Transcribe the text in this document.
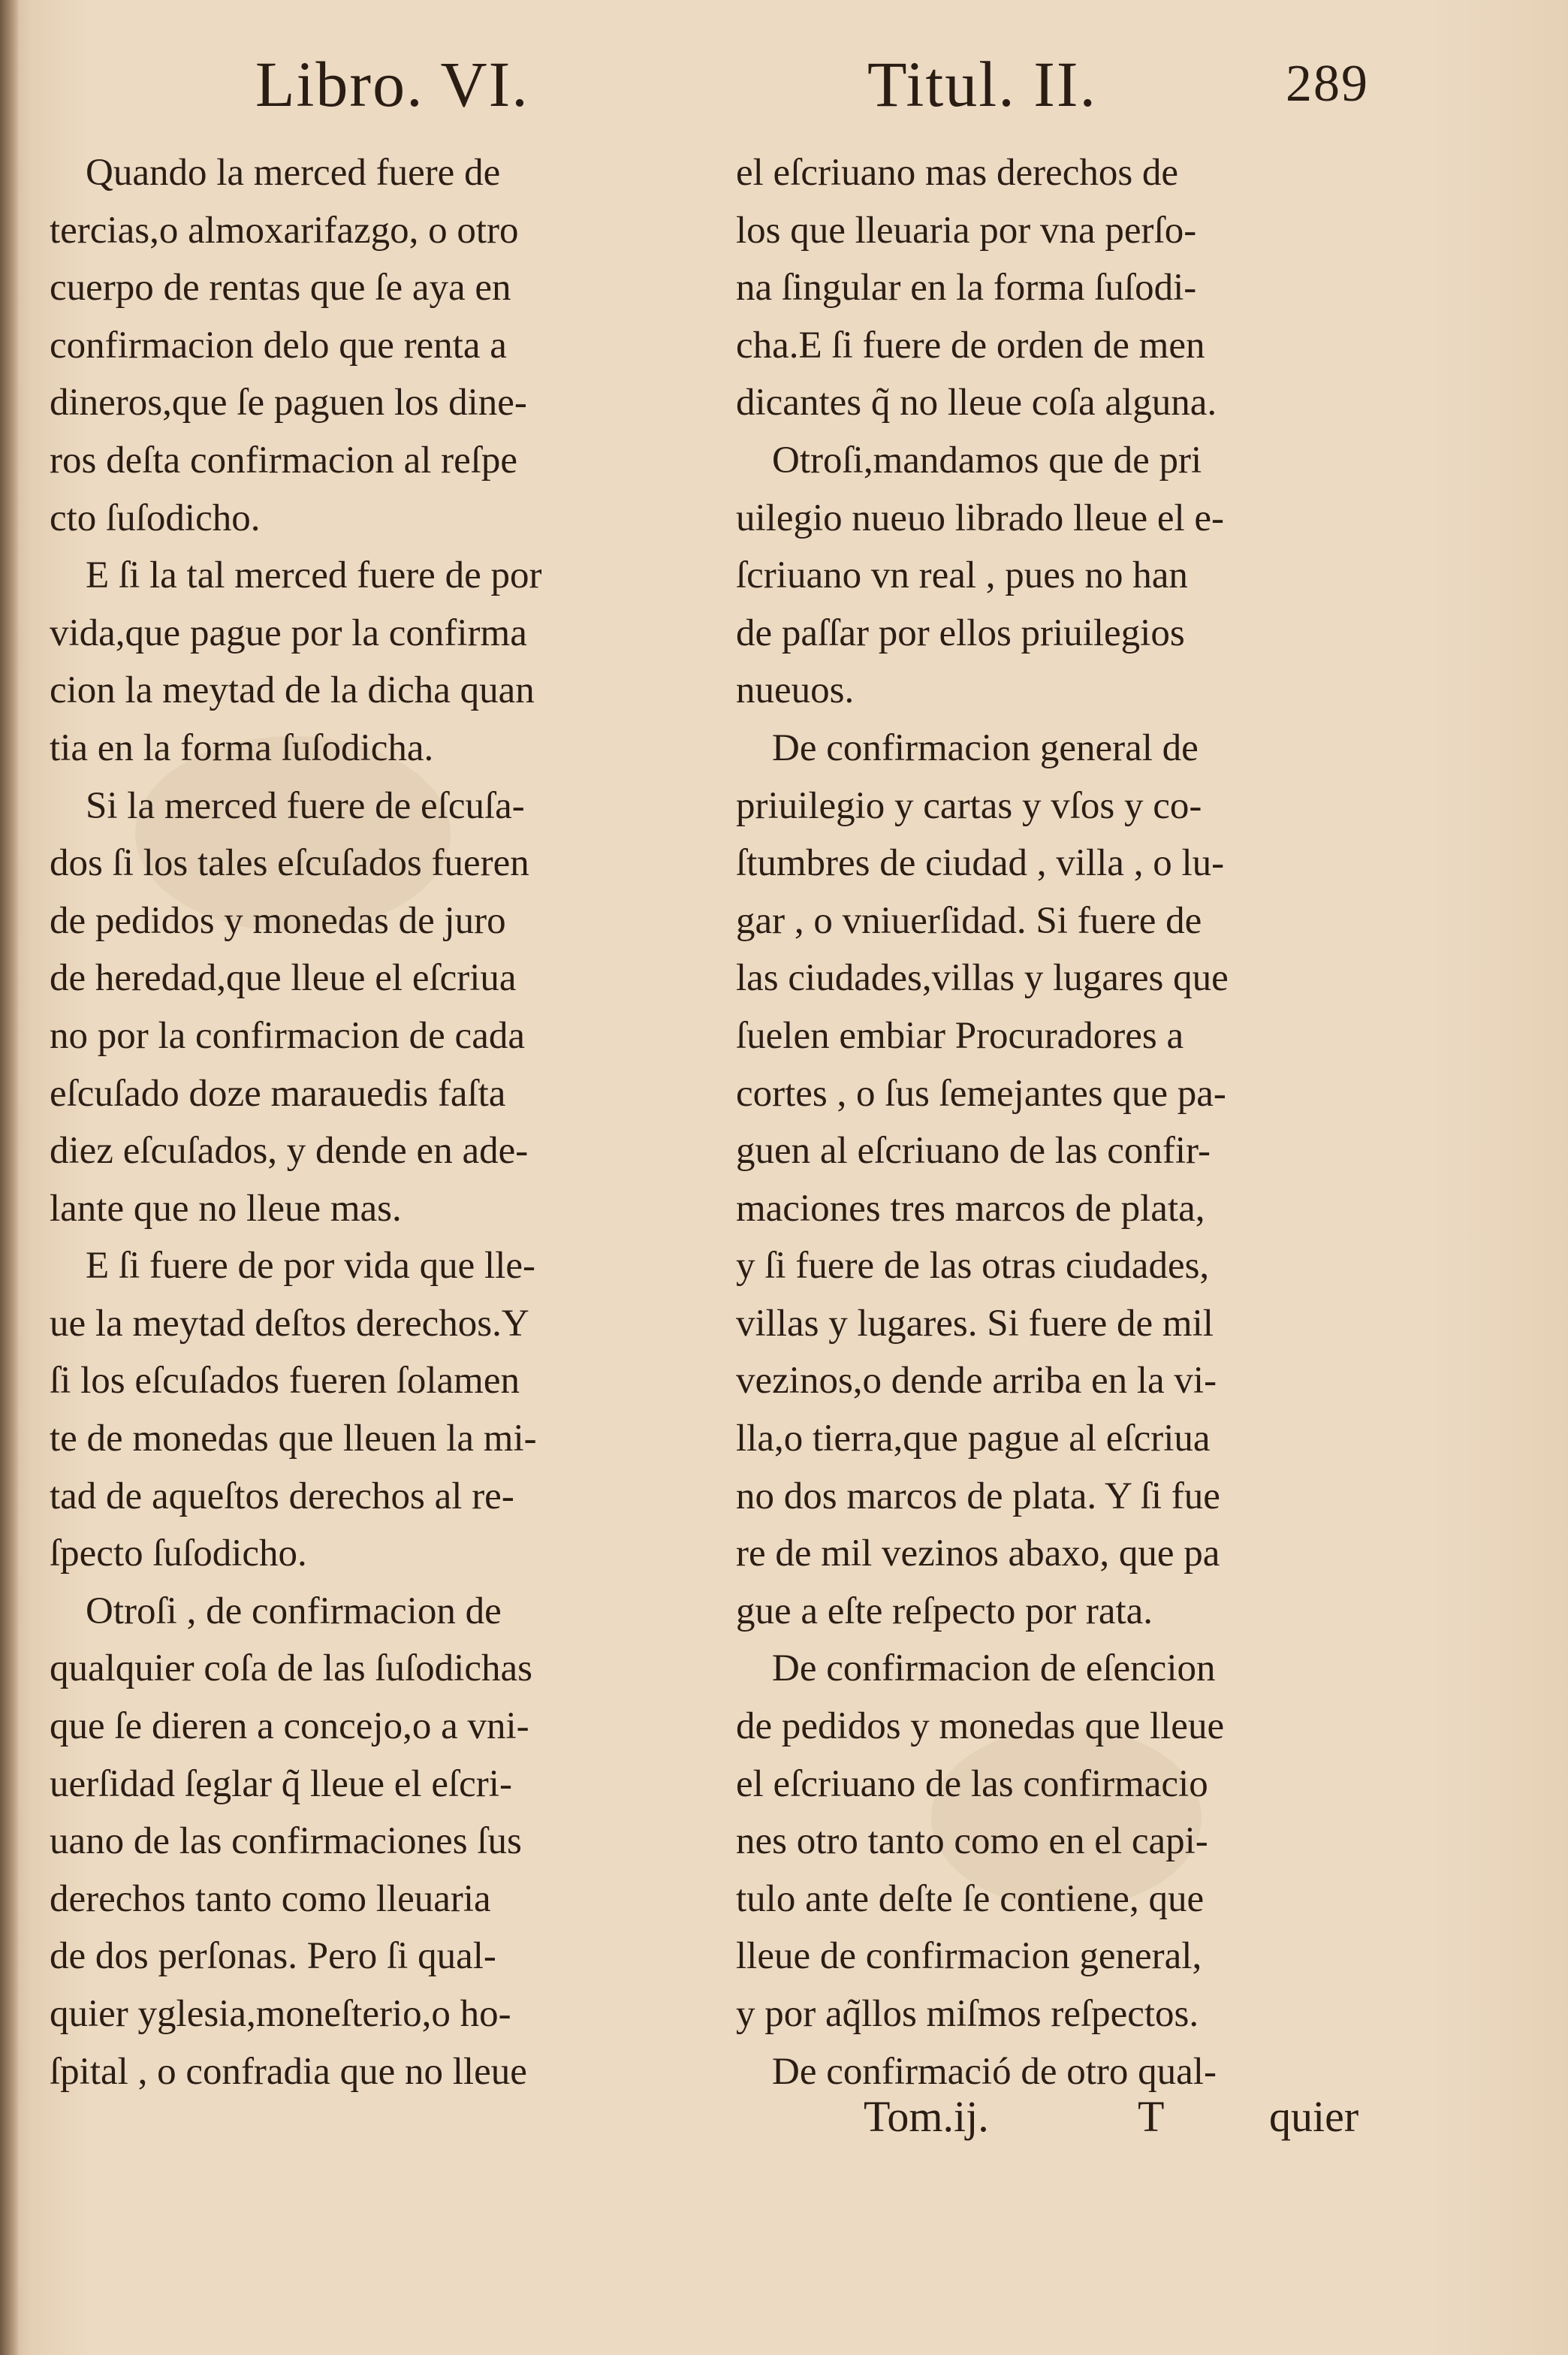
Libro. VI.	Titul. II.	289
Quando la merced fuere de
tercias,o almoxarifazgo, o otro
cuerpo de rentas que ſe aya en
confirmacion delo que renta a
dineros,que ſe paguen los dine-
ros deſta confirmacion al reſpe
cto ſuſodicho.
E ſi la tal merced fuere de por
vida,que pague por la confirma
cion la meytad de la dicha quan
tia en la forma ſuſodicha.
Si la merced fuere de eſcuſa-
dos ſi los tales eſcuſados fueren
de pedidos y monedas de juro
de heredad,que lleue el eſcriua
no por la confirmacion de cada
eſcuſado doze marauedis faſta
diez eſcuſados, y dende en ade-
lante que no lleue mas.
E ſi fuere de por vida que lle-
ue la meytad deſtos derechos.Y
ſi los eſcuſados fueren ſolamen
te de monedas que lleuen la mi-
tad de aqueſtos derechos al re-
ſpecto ſuſodicho.
Otroſi , de confirmacion de
qualquier coſa de las ſuſodichas
que ſe dieren a concejo,o a vni-
uerſidad ſeglar q̃ lleue el eſcri-
uano de las confirmaciones ſus
derechos tanto como lleuaria
de dos perſonas. Pero ſi qual-
quier yglesia,moneſterio,o ho-
ſpital , o confradia que no lleue
el eſcriuano mas derechos de
los que lleuaria por vna perſo-
na ſingular en la forma ſuſodi-
cha.E ſi fuere de orden de men
dicantes q̃ no lleue coſa alguna.
Otroſi,mandamos que de pri
uilegio nueuo librado lleue el e-
ſcriuano vn real , pues no han
de paſſar por ellos priuilegios
nueuos.
De confirmacion general de
priuilegio y cartas y vſos y co-
ſtumbres de ciudad , villa , o lu-
gar , o vniuerſidad. Si fuere de
las ciudades,villas y lugares que
ſuelen embiar Procuradores a
cortes , o ſus ſemejantes que pa-
guen al eſcriuano de las confir-
maciones tres marcos de plata,
y ſi fuere de las otras ciudades,
villas y lugares. Si fuere de mil
vezinos,o dende arriba en la vi-
lla,o tierra,que pague al eſcriua
no dos marcos de plata. Y ſi fue
re de mil vezinos abaxo, que pa
gue a eſte reſpecto por rata.
De confirmacion de eſencion
de pedidos y monedas que lleue
el eſcriuano de las confirmacio
nes otro tanto como en el capi-
tulo ante deſte ſe contiene, que
lleue de confirmacion general,
y por aq̃llos miſmos reſpectos.
De confirmació de otro qual-
Tom.ij.	T quier
